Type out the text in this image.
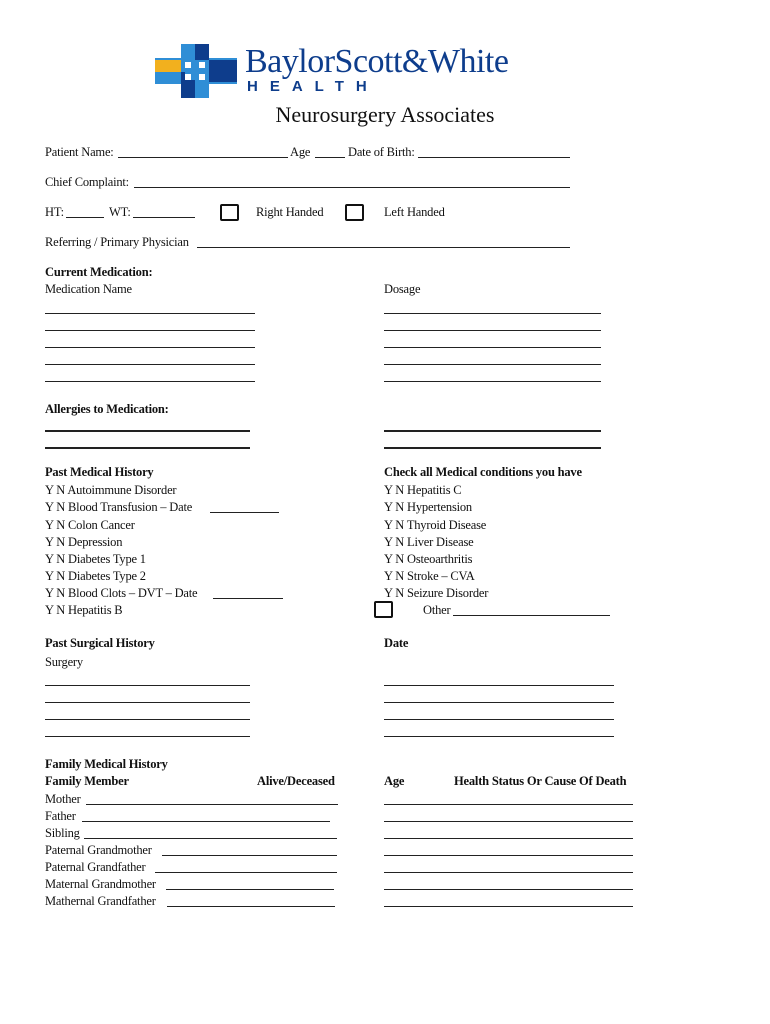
BaylorScott&White
HEALTH
Neurosurgery Associates
Patient Name:	Age	Date of Birth:
Chief Complaint:
HT:	WT:	Right Handed	Left Handed
Referring / Primary Physician
Current Medication:
Medication Name	Dosage
Allergies to Medication:
Past Medical History
Y N Autoimmune Disorder
Y N Blood Transfusion – Date
Y N Colon Cancer
Y N Depression
Y N Diabetes Type 1
Y N Diabetes Type 2
Y N Blood Clots – DVT – Date
Y N Hepatitis B
Check all Medical conditions you have
Y N Hepatitis C
Y N Hypertension
Y N Thyroid Disease
Y N Liver Disease
Y N Osteoarthritis
Y N Stroke – CVA
Y N Seizure Disorder
Other
Past Surgical History	Date
Surgery
Family Medical History
Family Member	Alive/Deceased	Age	Health Status Or Cause Of Death
Mother
Father
Sibling
Paternal Grandmother
Paternal Grandfather
Maternal Grandmother
Mathernal Grandfather
